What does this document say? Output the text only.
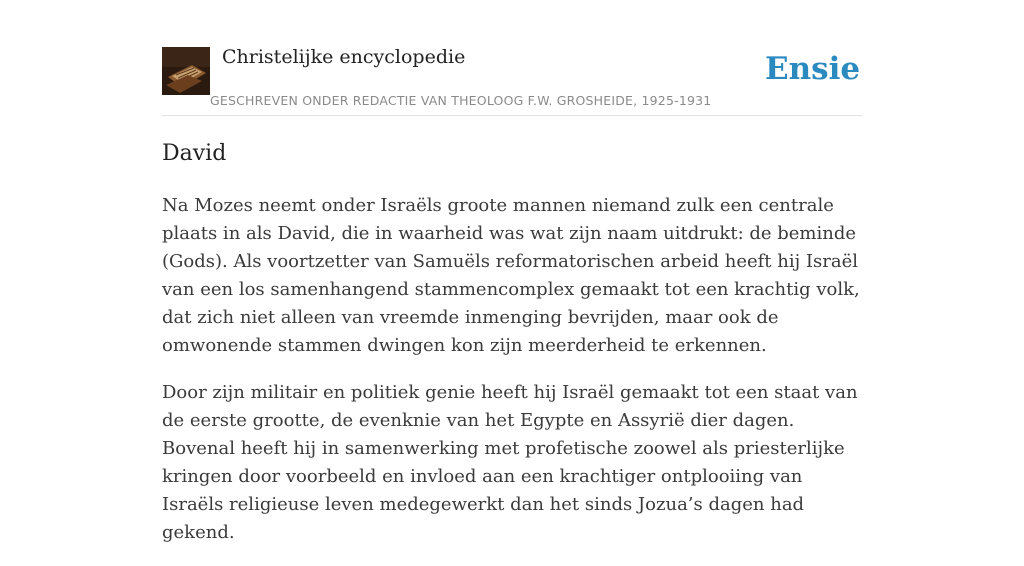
Christelijke encyclopedie
GESCHREVEN ONDER REDACTIE VAN THEOLOOG F.W. GROSHEIDE, 1925-1931
Ensie
David

Na Mozes neemt onder Israëls groote mannen niemand zulk een centrale plaats in als David, die in waarheid was wat zijn naam uitdrukt: de beminde (Gods). Als voortzetter van Samuëls reformatorischen arbeid heeft hij Israël van een los samenhangend stammencomplex gemaakt tot een krachtig volk, dat zich niet alleen van vreemde inmenging bevrijden, maar ook de omwonende stammen dwingen kon zijn meerderheid te erkennen.

Door zijn militair en politiek genie heeft hij Israël gemaakt tot een staat van de eerste grootte, de evenknie van het Egypte en Assyrië dier dagen. Bovenal heeft hij in samenwerking met profetische zoowel als priesterlijke kringen door voorbeeld en invloed aan een krachtiger ontplooiing van Israëls religieuse leven medegewerkt dan het sinds Jozua’s dagen had gekend.
